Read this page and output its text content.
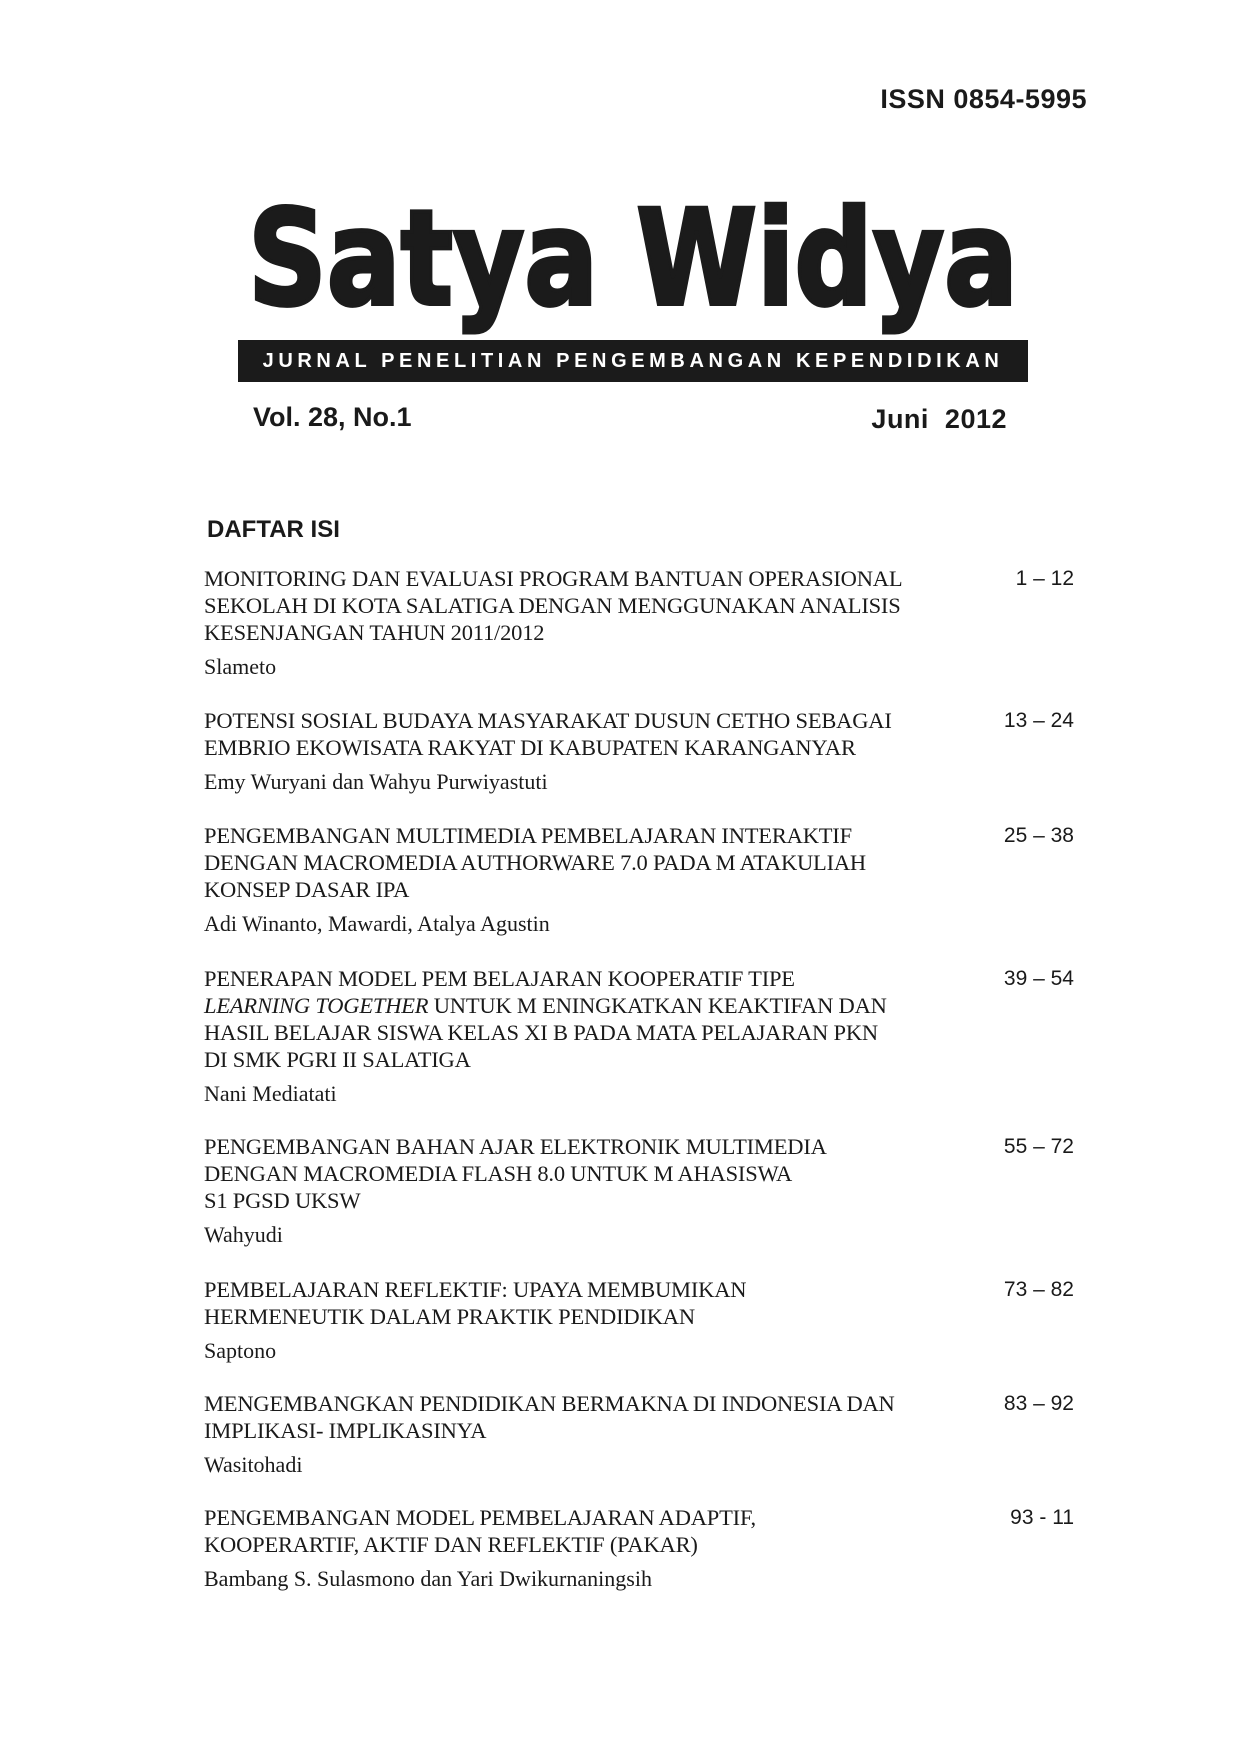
ISSN 0854-5995
Satya Widya
JURNAL PENELITIAN PENGEMBANGAN KEPENDIDIKAN
Vol. 28, No.1	Juni  2012
DAFTAR ISI
MONITORING DAN EVALUASI PROGRAM BANTUAN OPERASIONAL
SEKOLAH DI KOTA SALATIGA DENGAN MENGGUNAKAN ANALISIS
KESENJANGAN TAHUN 2011/2012
Slameto
1 – 12
POTENSI SOSIAL BUDAYA MASYARAKAT DUSUN CETHO SEBAGAI
EMBRIO EKOWISATA RAKYAT DI KABUPATEN KARANGANYAR
Emy Wuryani dan Wahyu Purwiyastuti
13 – 24
PENGEMBANGAN MULTIMEDIA PEMBELAJARAN INTERAKTIF
DENGAN MACROMEDIA AUTHORWARE 7.0 PADA M ATAKULIAH
KONSEP DASAR IPA
Adi Winanto, Mawardi, Atalya Agustin
25 – 38
PENERAPAN MODEL PEM BELAJARAN KOOPERATIF TIPE
LEARNING TOGETHER UNTUK M ENINGKATKAN KEAKTIFAN DAN
HASIL BELAJAR SISWA KELAS XI B PADA MATA PELAJARAN PKN
DI SMK PGRI II SALATIGA
Nani Mediatati
39 – 54
PENGEMBANGAN BAHAN AJAR ELEKTRONIK MULTIMEDIA
DENGAN MACROMEDIA FLASH 8.0 UNTUK M AHASISWA
S1 PGSD UKSW
Wahyudi
55 – 72
PEMBELAJARAN REFLEKTIF: UPAYA MEMBUMIKAN
HERMENEUTIK DALAM PRAKTIK PENDIDIKAN
Saptono
73 – 82
MENGEMBANGKAN PENDIDIKAN BERMAKNA DI INDONESIA DAN
IMPLIKASI- IMPLIKASINYA
Wasitohadi
83 – 92
PENGEMBANGAN MODEL PEMBELAJARAN ADAPTIF,
KOOPERARTIF, AKTIF DAN REFLEKTIF (PAKAR)
Bambang S. Sulasmono dan Yari Dwikurnaningsih
93 - 11
